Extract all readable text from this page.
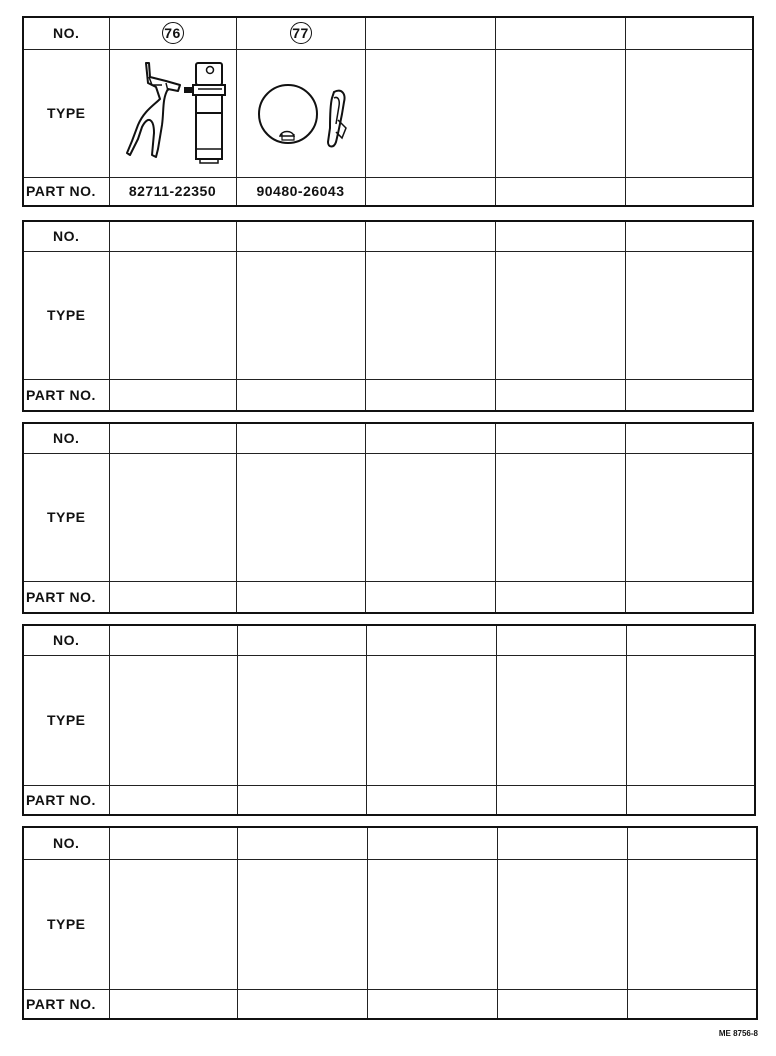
NO.	76	77			
TYPE	

PART NO.	82711-22350	90480-26043			
NO.					
TYPE					
PART NO.					
NO.					
TYPE					
PART NO.					
NO.					
TYPE					
PART NO.					
NO.					
TYPE					
PART NO.					
ME 8756-8
